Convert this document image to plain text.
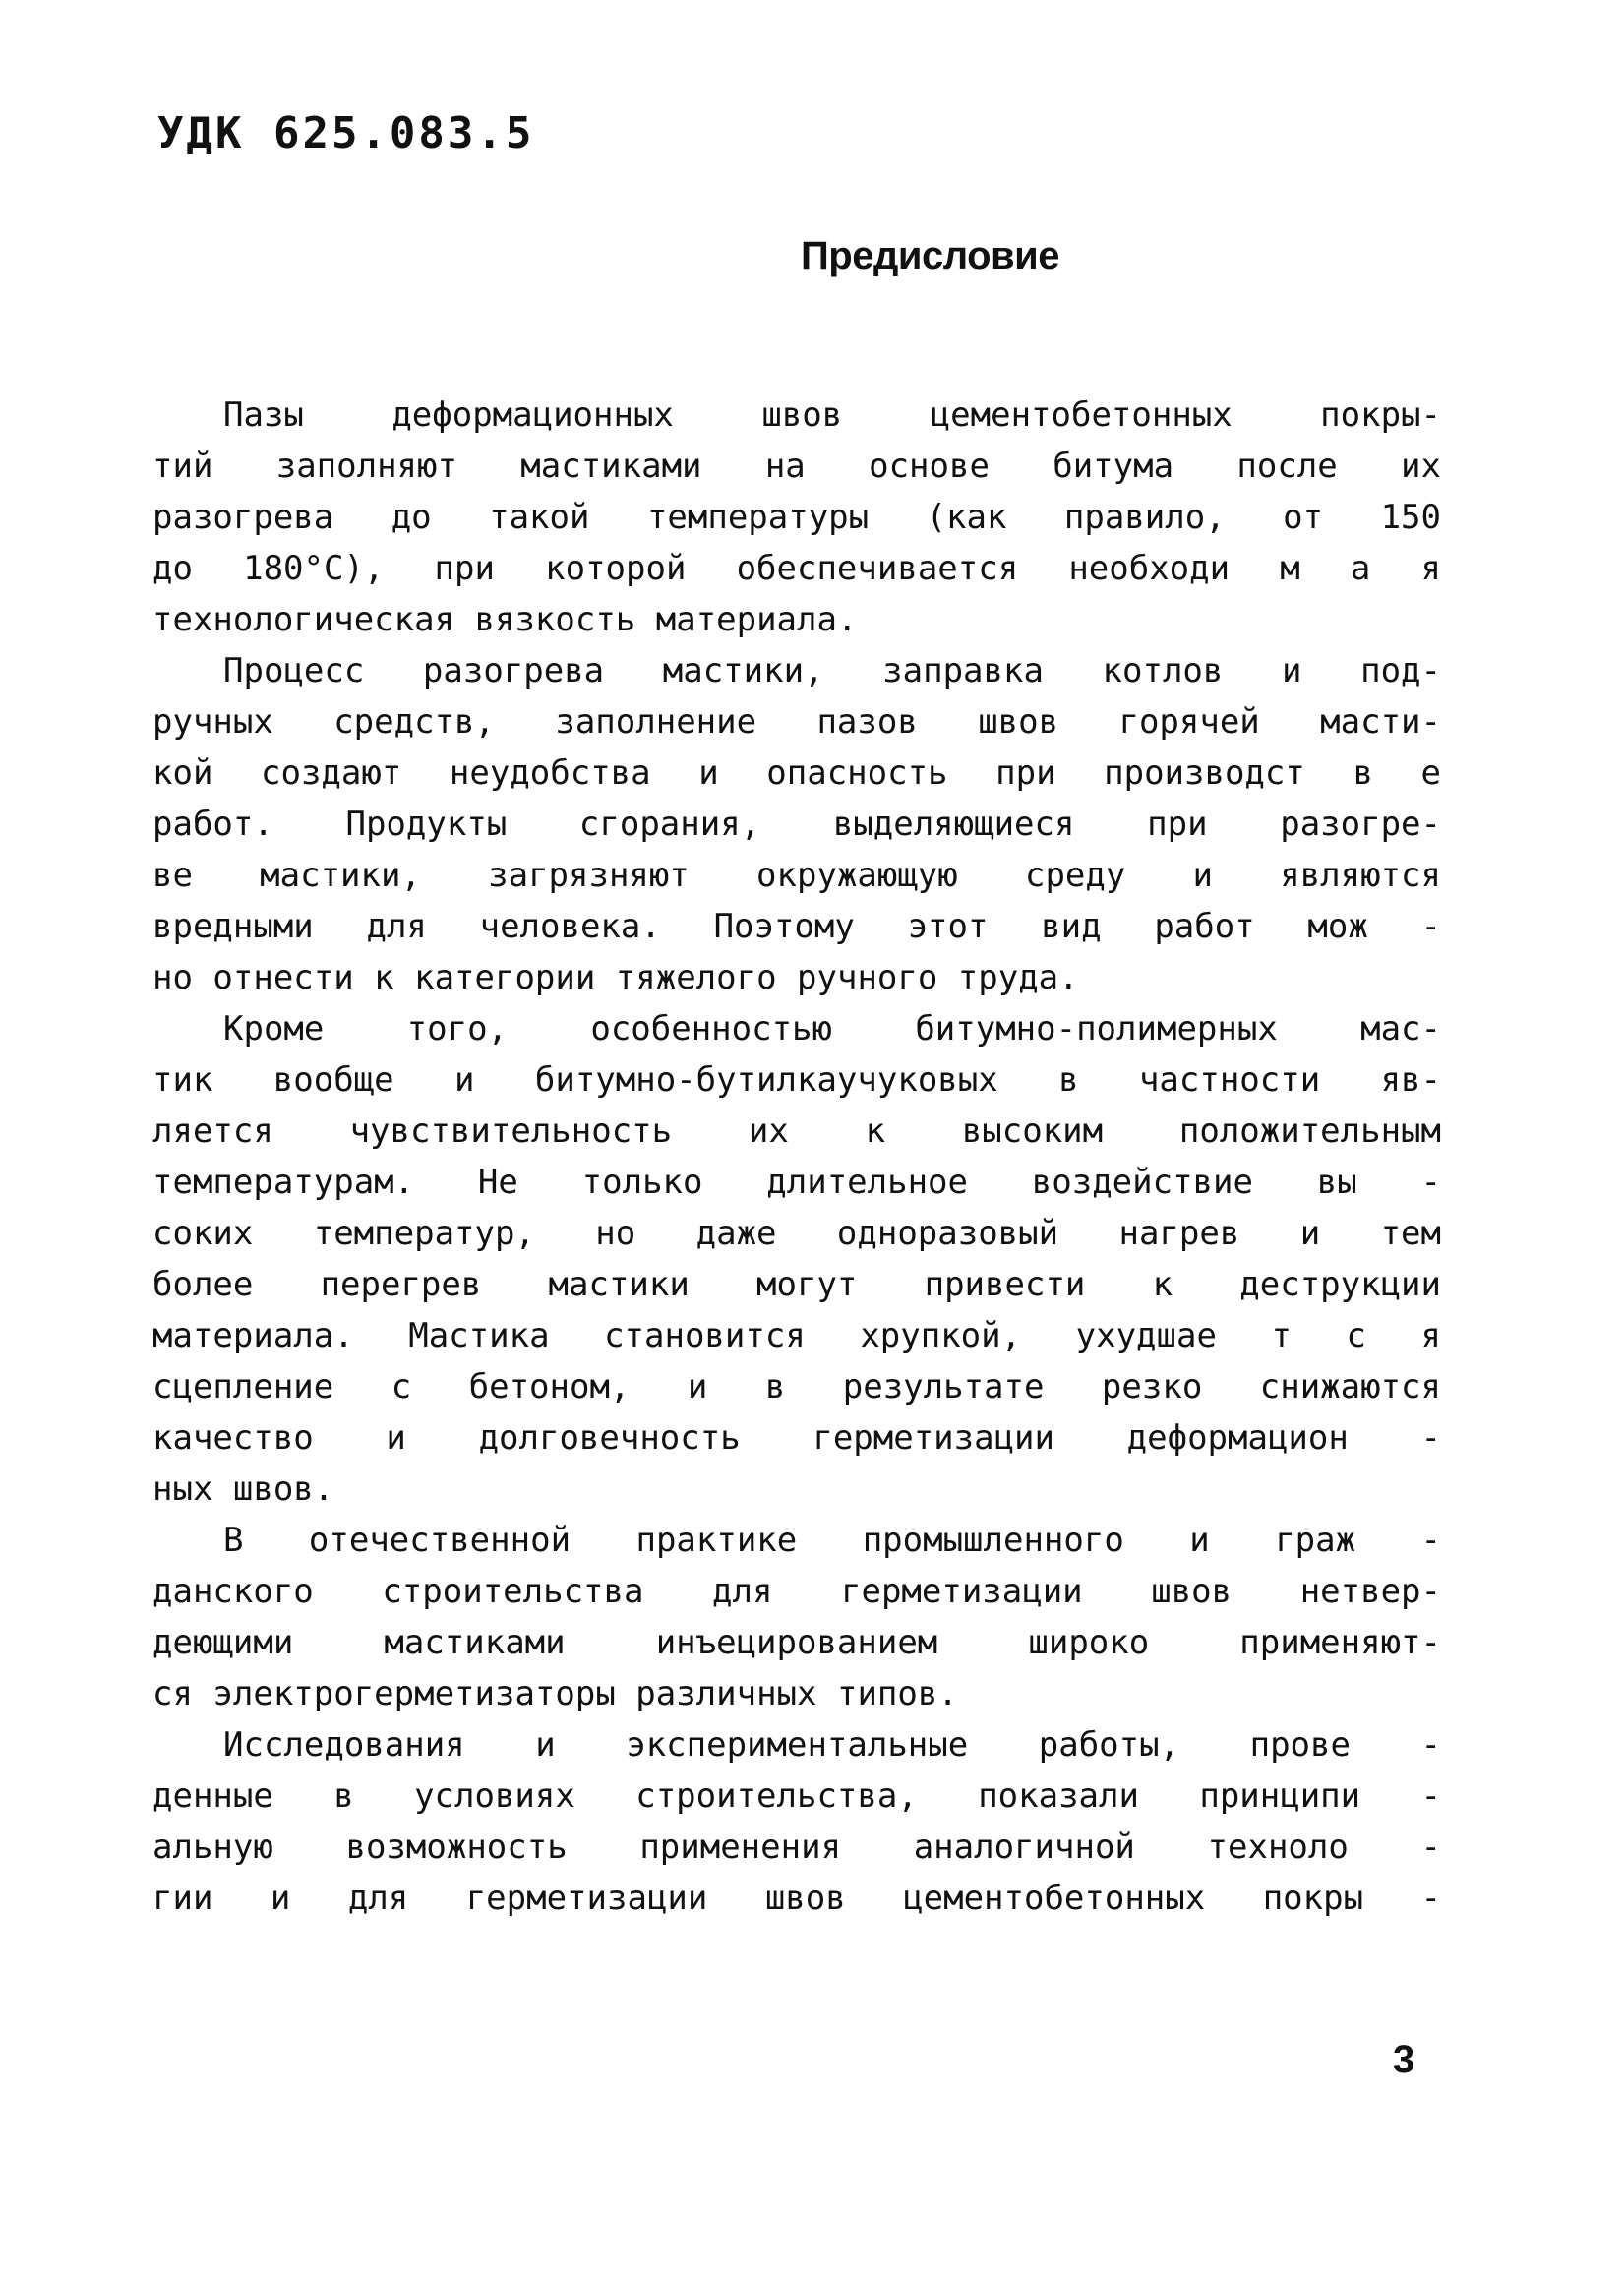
УДК 625.083.5
Предисловие
Пазы деформационных швов цементобетонных покры-
тий заполняют мастиками на основе битума после их
разогрева до такой температуры (как правило, от 150
до 180°С), при которой обеспечивается необходи м а я
технологическая вязкость материала.
Процесс разогрева мастики, заправка котлов и под-
ручных средств, заполнение пазов швов горячей масти-
кой создают неудобства и опасность при производст в е
работ. Продукты сгорания, выделяющиеся при разогре-
ве мастики, загрязняют окружающую среду и являются
вредными для человека. Поэтому этот вид работ мож -
но отнести к категории тяжелого ручного труда.
Кроме того, особенностью битумно-полимерных мас-
тик вообще и битумно-бутилкаучуковых в частности яв-
ляется чувствительность их к высоким положительным
температурам. Не только длительное воздействие вы -
соких температур, но даже одноразовый нагрев и тем
более перегрев мастики могут привести к деструкции
материала. Мастика становится хрупкой, ухудшае т с я
сцепление с бетоном, и в результате резко снижаются
качество и долговечность герметизации деформацион -
ных швов.
В отечественной практике промышленного и граж -
данского строительства для герметизации швов нетвер-
деющими мастиками инъецированием широко применяют-
ся электрогерметизаторы различных типов.
Исследования и экспериментальные работы, прове -
денные в условиях строительства, показали принципи -
альную возможность применения аналогичной техноло -
гии и для герметизации швов цементобетонных покры -
3
